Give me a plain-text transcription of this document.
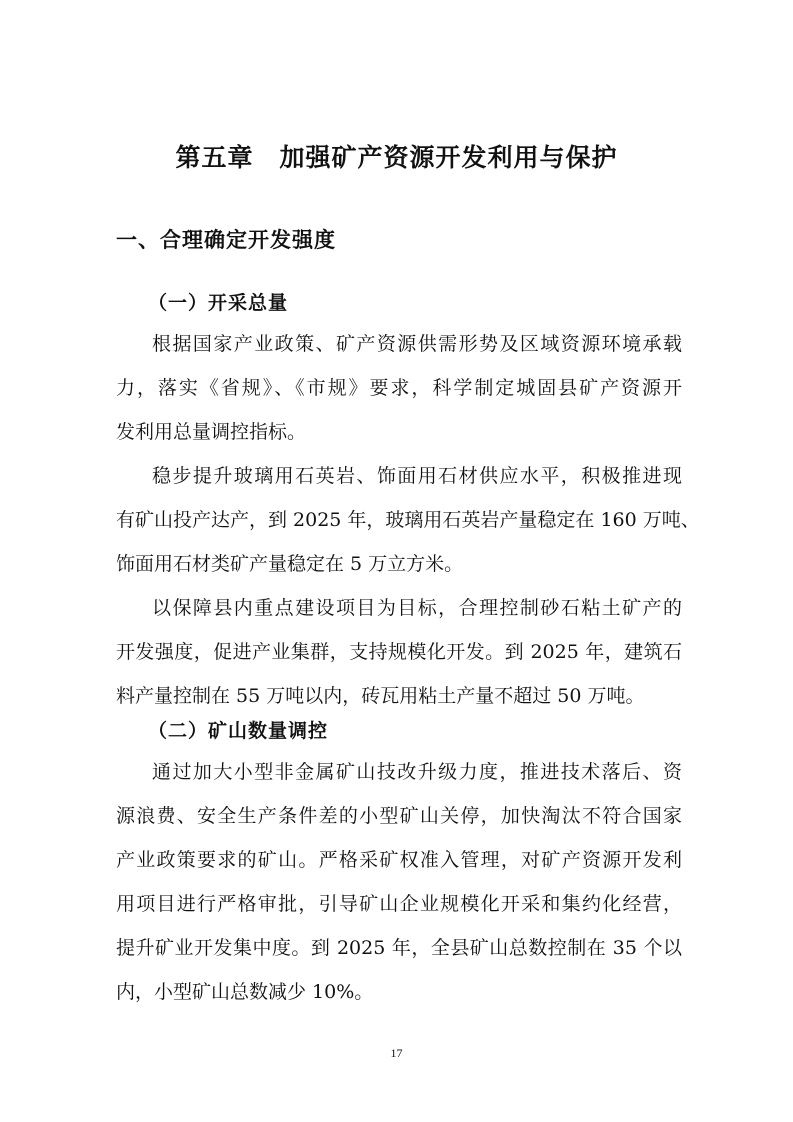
第五章　加强矿产资源开发利用与保护
一、合理确定开发强度
（一）开采总量
根据国家产业政策、矿产资源供需形势及区域资源环境承载
力，落实《省规》、《市规》要求，科学制定城固县矿产资源开
发利用总量调控指标。
稳步提升玻璃用石英岩、饰面用石材供应水平，积极推进现
有矿山投产达产，到 2025 年，玻璃用石英岩产量稳定在 160 万吨、
饰面用石材类矿产量稳定在 5 万立方米。
以保障县内重点建设项目为目标，合理控制砂石粘土矿产的
开发强度，促进产业集群，支持规模化开发。到 2025 年，建筑石
料产量控制在 55 万吨以内，砖瓦用粘土产量不超过 50 万吨。
（二）矿山数量调控
通过加大小型非金属矿山技改升级力度，推进技术落后、资
源浪费、安全生产条件差的小型矿山关停，加快淘汰不符合国家
产业政策要求的矿山。严格采矿权准入管理，对矿产资源开发利
用项目进行严格审批，引导矿山企业规模化开采和集约化经营，
提升矿业开发集中度。到 2025 年，全县矿山总数控制在 35 个以
内，小型矿山总数减少 10%。
17
